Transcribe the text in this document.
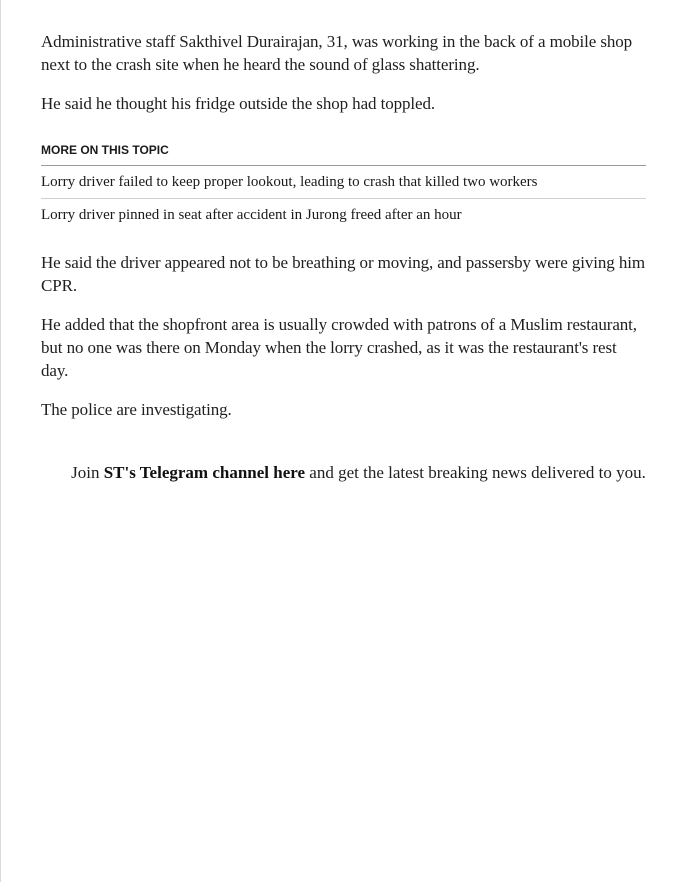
Administrative staff Sakthivel Durairajan, 31, was working in the back of a mobile shop next to the crash site when he heard the sound of glass shattering.

He said he thought his fridge outside the shop had toppled.

MORE ON THIS TOPIC
Lorry driver failed to keep proper lookout, leading to crash that killed two workers
Lorry driver pinned in seat after accident in Jurong freed after an hour

He said the driver appeared not to be breathing or moving, and passersby were giving him CPR.

He added that the shopfront area is usually crowded with patrons of a Muslim restaurant, but no one was there on Monday when the lorry crashed, as it was the restaurant's rest day.

The police are investigating.

Join ST's Telegram channel here and get the latest breaking news delivered to you.
